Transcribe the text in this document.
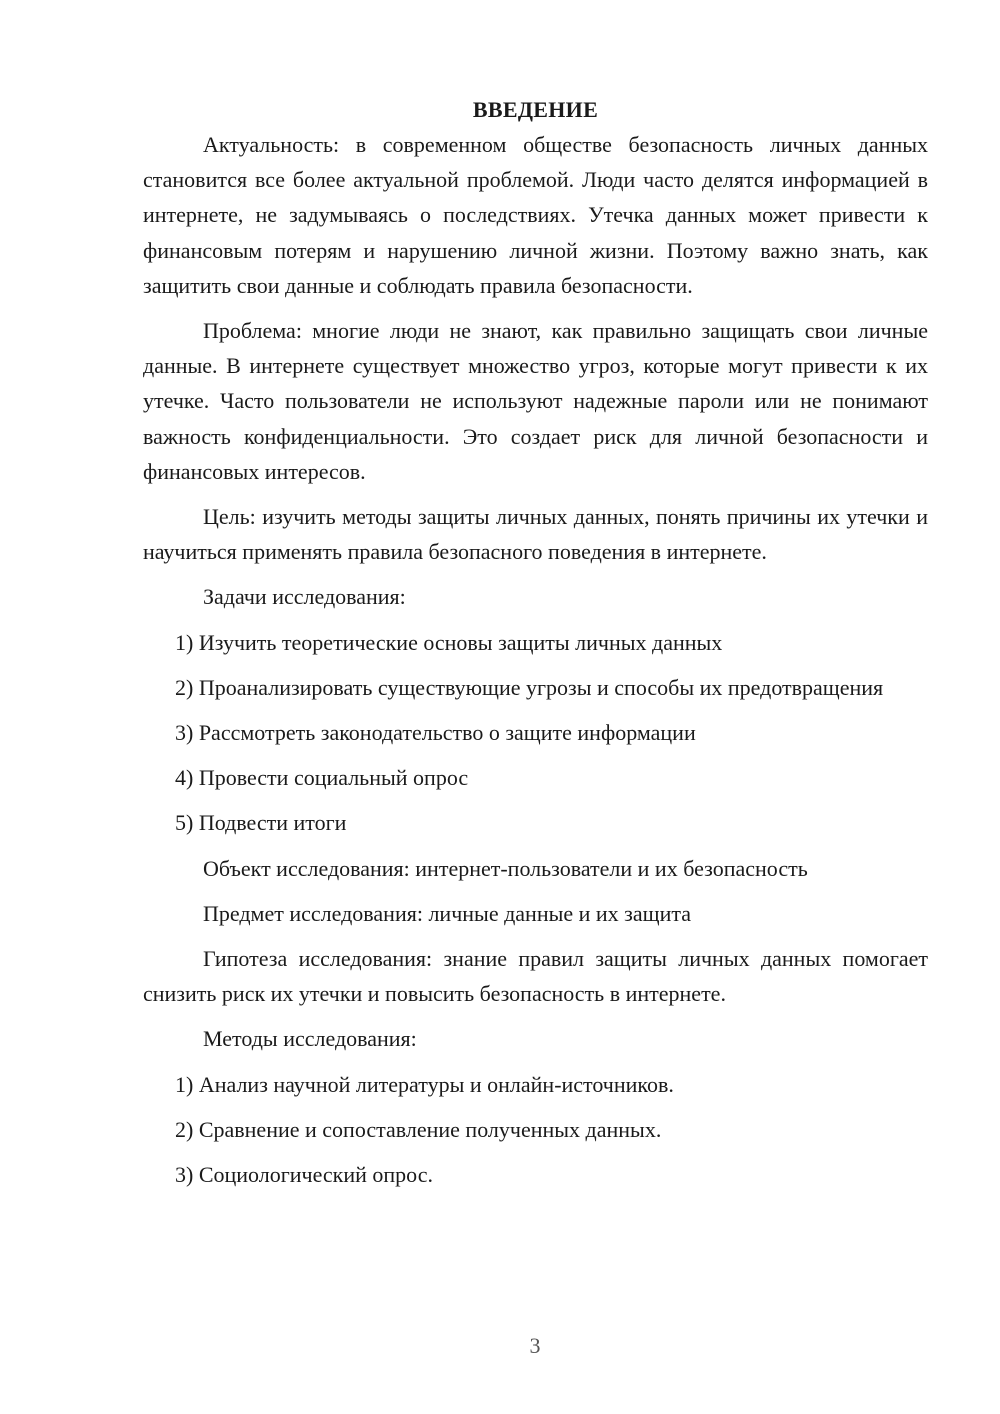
ВВЕДЕНИЕ

Актуальность: в современном обществе безопасность личных данных становится все более актуальной проблемой. Люди часто делятся информацией в интернете, не задумываясь о последствиях. Утечка данных может привести к финансовым потерям и нарушению личной жизни. Поэтому важно знать, как защитить свои данные и соблюдать правила безопасности.

Проблема: многие люди не знают, как правильно защищать свои личные данные. В интернете существует множество угроз, которые могут привести к их утечке. Часто пользователи не используют надежные пароли или не понимают важность конфиденциальности. Это создает риск для личной безопасности и финансовых интересов.

Цель: изучить методы защиты личных данных, понять причины их утечки и научиться применять правила безопасного поведения в интернете.

Задачи исследования:

1) Изучить теоретические основы защиты личных данных

2) Проанализировать существующие угрозы и способы их предотвращения

3) Рассмотреть законодательство о защите информации

4) Провести социальный опрос

5) Подвести итоги

Объект исследования: интернет-пользователи и их безопасность

Предмет исследования: личные данные и их защита

Гипотеза исследования: знание правил защиты личных данных помогает снизить риск их утечки и повысить безопасность в интернете.

Методы исследования:

1) Анализ научной литературы и онлайн-источников.

2) Сравнение и сопоставление полученных данных.

3) Социологический опрос.

3
